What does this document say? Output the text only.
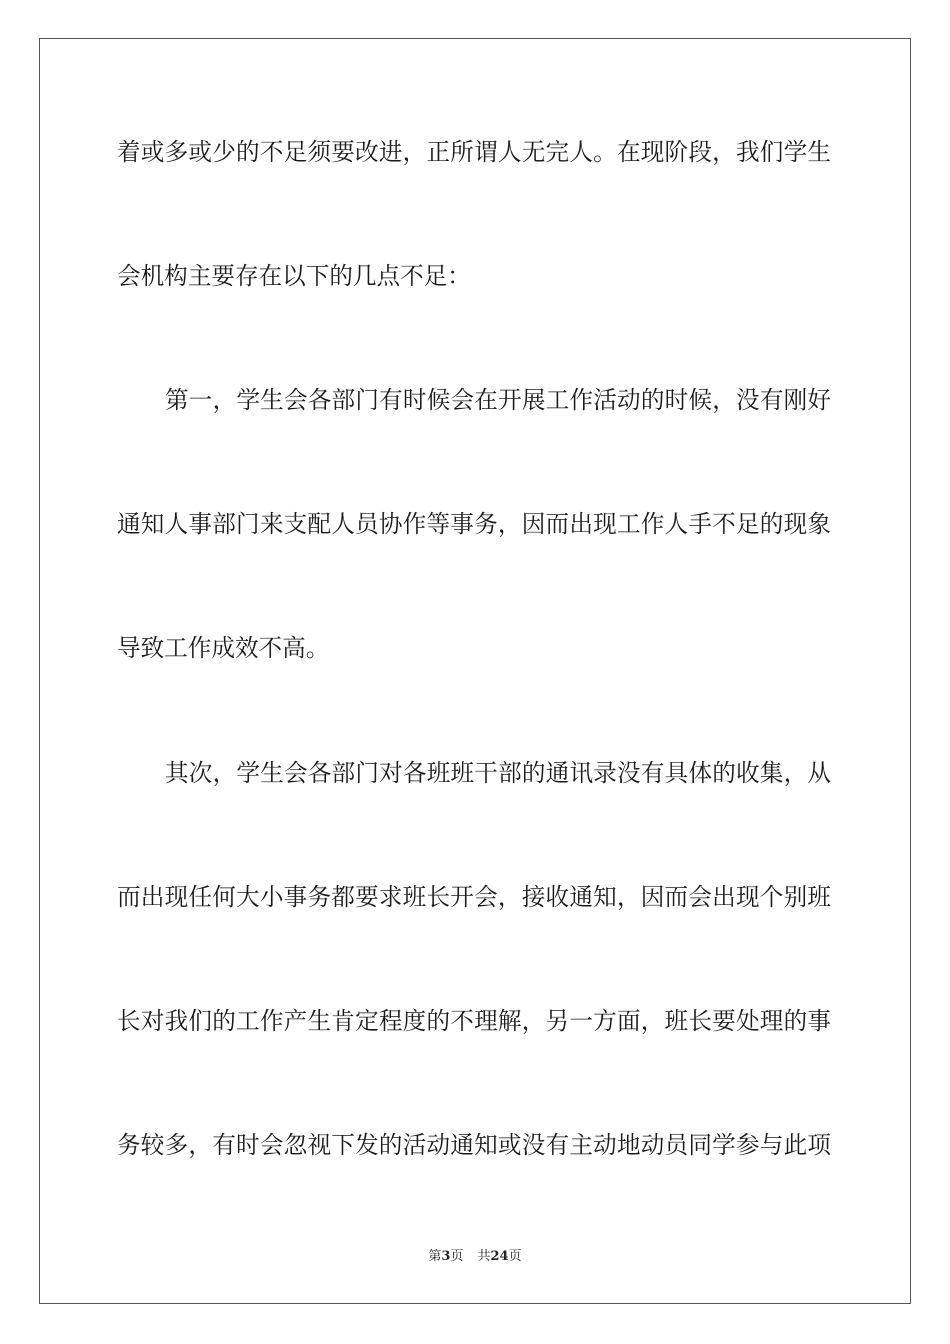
着或多或少的不足须要改进，正所谓人无完人。在现阶段，我们学生
会机构主要存在以下的几点不足：
第一，学生会各部门有时候会在开展工作活动的时候，没有刚好
通知人事部门来支配人员协作等事务，因而出现工作人手不足的现象
导致工作成效不高。
其次，学生会各部门对各班班干部的通讯录没有具体的收集，从
而出现任何大小事务都要求班长开会，接收通知，因而会出现个别班
长对我们的工作产生肯定程度的不理解，另一方面，班长要处理的事
务较多，有时会忽视下发的活动通知或没有主动地动员同学参与此项
第3页 共24页
